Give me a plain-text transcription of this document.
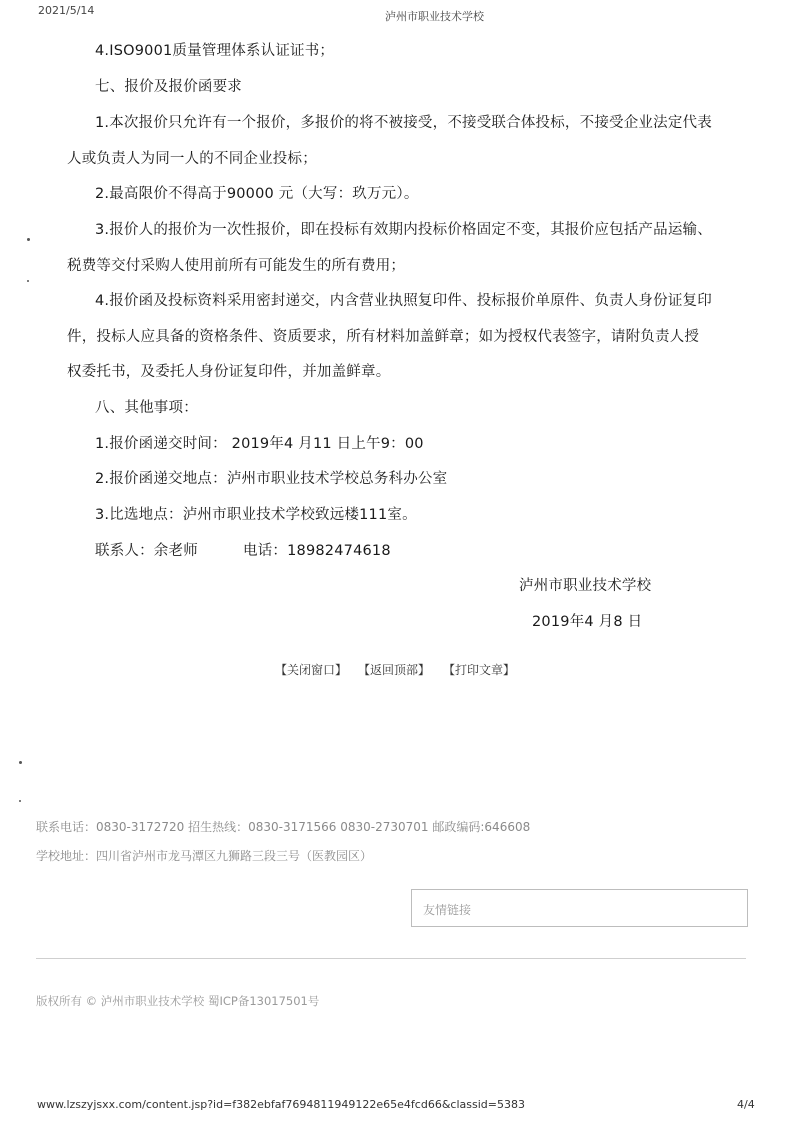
2021/5/14	泸州市职业技术学校
4.ISO9001质量管理体系认证证书；
七、报价及报价函要求
1.本次报价只允许有一个报价，多报价的将不被接受，不接受联合体投标，不接受企业法定代表
人或负责人为同一人的不同企业投标；
2.最高限价不得高于90000 元（大写：玖万元）。
3.报价人的报价为一次性报价，即在投标有效期内投标价格固定不变，其报价应包括产品运输、
税费等交付采购人使用前所有可能发生的所有费用；
4.报价函及投标资料采用密封递交，内含营业执照复印件、投标报价单原件、负责人身份证复印
件，投标人应具备的资格条件、资质要求，所有材料加盖鲜章；如为授权代表签字，请附负责人授
权委托书，及委托人身份证复印件，并加盖鲜章。
八、其他事项：
1.报价函递交时间： 2019年4 月11 日上午9：00
2.报价函递交地点：泸州市职业技术学校总务科办公室
3.比选地点：泸州市职业技术学校致远楼111室。
联系人：余老师	电话：18982474618
泸州市职业技术学校
2019年4 月8 日
【关闭窗口】 【返回顶部】 【打印文章】
联系电话：0830-3172720 招生热线：0830-3171566 0830-2730701 邮政编码:646608
学校地址：四川省泸州市龙马潭区九狮路三段三号（医教园区）
友情链接
版权所有 © 泸州市职业技术学校 蜀ICP备13017501号
www.lzszyjsxx.com/content.jsp?id=f382ebfaf7694811949122e65e4fcd66&classid=5383	4/4
